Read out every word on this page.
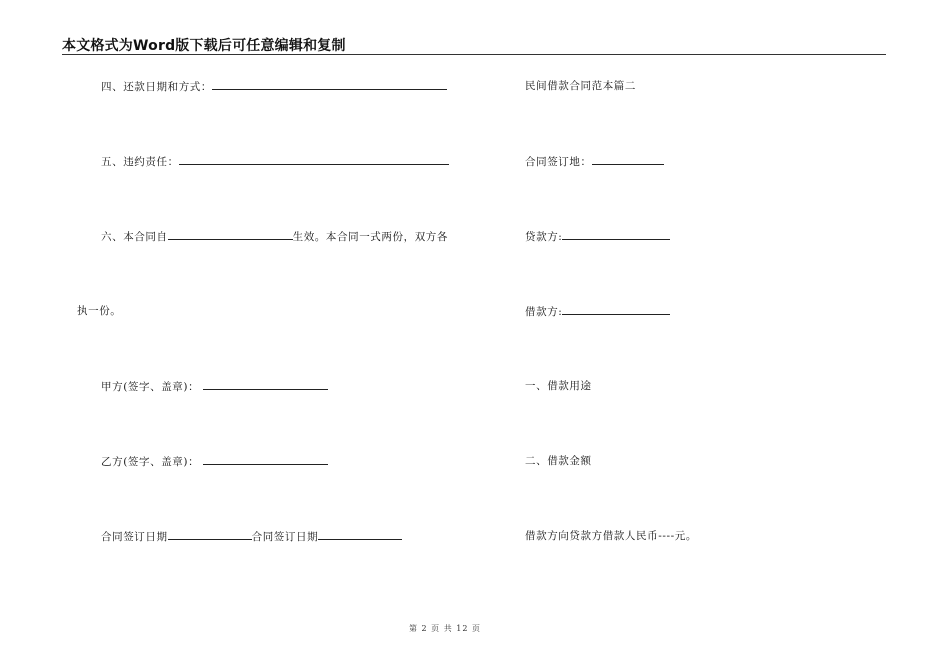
本文格式为Word版下载后可任意编辑和复制
四、还款日期和方式：
五、违约责任：
六、本合同自	生效。本合同一式两份，双方各
执一份。
甲方(签字、盖章)：
乙方(签字、盖章)：
合同签订日期	合同签订日期
民间借款合同范本篇二
合同签订地：
贷款方:
借款方:
一、借款用途
二、借款金额
借款方向贷款方借款人民币----元。
第 2 页 共 12 页
